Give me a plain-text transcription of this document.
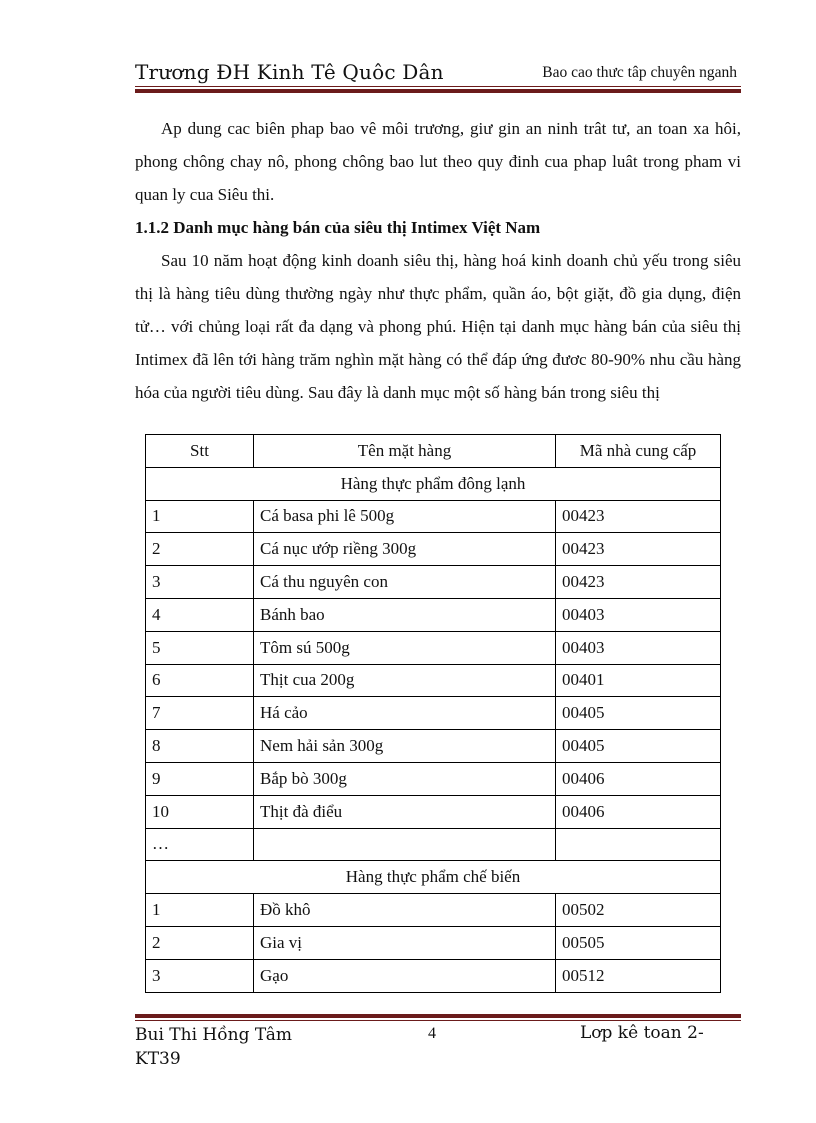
Trương ĐH Kinh Tê Quôc Dân	Bao cao thưc tâp chuyên nganh

Ap dung cac biên phap bao vê môi trương, giư gin an ninh trât tư, an toan xa hôi, phong chông chay nô, phong chông bao lut theo quy đinh cua phap luât trong pham vi quan ly cua Siêu thi.

1.1.2 Danh mục hàng bán của siêu thị Intimex Việt Nam

Sau 10 năm hoạt động kinh doanh siêu thị, hàng hoá kinh doanh chủ yếu trong siêu thị là hàng tiêu dùng thường ngày như thực phẩm, quần áo, bột giặt, đồ gia dụng, điện tử… với chủng loại rất đa dạng và phong phú. Hiện tại danh mục hàng bán của siêu thị Intimex đã lên tới hàng trăm nghìn mặt hàng có thể đáp ứng đươc 80-90% nhu cầu hàng hóa của người tiêu dùng. Sau đây là danh mục một số hàng bán trong siêu thị

Stt	Tên mặt hàng	Mã nhà cung cấp
Hàng thực phẩm đông lạnh		
1	Cá basa phi lê 500g	00423
2	Cá nục ướp riềng 300g	00423
3	Cá thu nguyên con	00423
4	Bánh bao	00403
5	Tôm sú 500g	00403
6	Thịt cua 200g	00401
7	Há cảo	00405
8	Nem hải sản 300g	00405
9	Bắp bò 300g	00406
10	Thịt đà điểu	00406
…		
Hàng thực phẩm chế biến		
1	Đồ khô	00502
2	Gia vị	00505
3	Gạo	00512
Bui Thi Hồng Tâm
KT39
4	Lơp kê toan 2-
